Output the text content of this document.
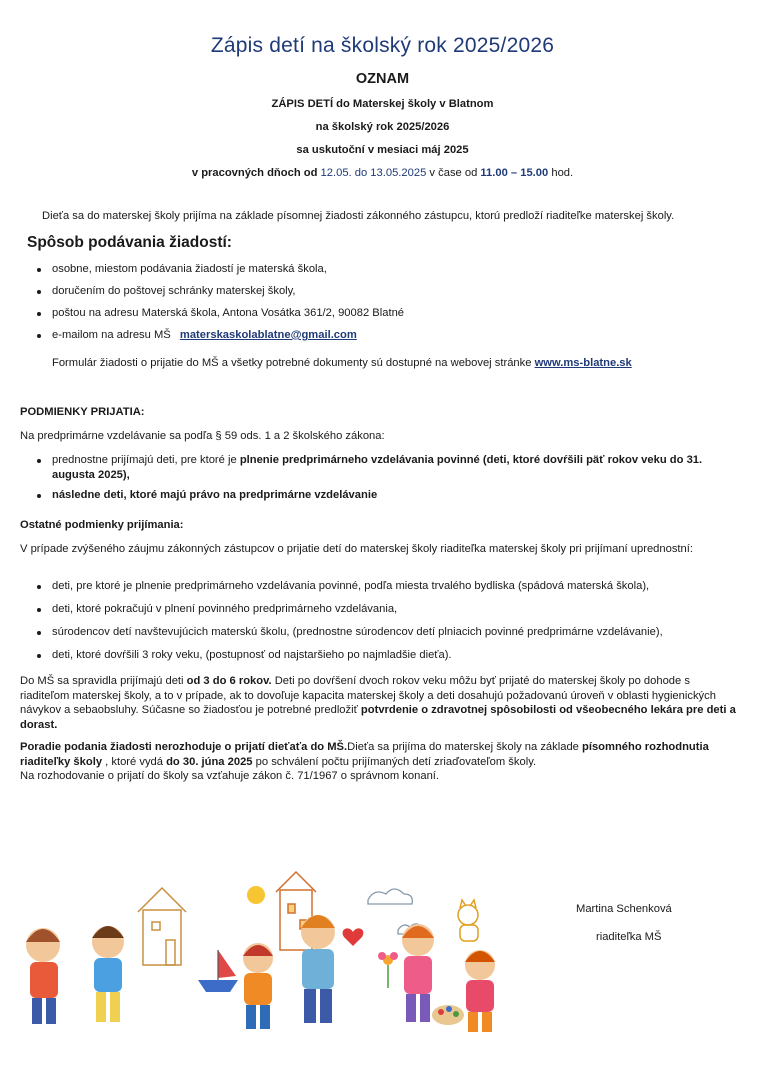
Zápis detí na školský rok 2025/2026
OZNAM
ZÁPIS DETÍ do Materskej školy v Blatnom
na školský rok 2025/2026
sa uskutoční v mesiaci máj 2025
v pracovných dňoch od 12.05. do 13.05.2025 v čase od 11.00 – 15.00 hod.
Dieťa sa do materskej školy prijíma na základe písomnej žiadosti zákonného zástupcu, ktorú predloží riaditeľke materskej školy.
Spôsob podávania žiadostí:
osobne, miestom podávania žiadostí je materská škola,
doručením do poštovej schránky materskej školy,
poštou na adresu Materská škola, Antona Vosátka 361/2, 90082 Blatné
e-mailom na adresu MŠ materskaskolablatne@gmail.com
Formulár žiadosti o prijatie do MŠ a všetky potrebné dokumenty sú dostupné na webovej stránke www.ms-blatne.sk
PODMIENKY PRIJATIA:
Na predprimárne vzdelávanie sa podľa § 59 ods. 1 a 2 školského zákona:
prednostne prijímajú deti, pre ktoré je plnenie predprimárneho vzdelávania povinné (deti, ktoré dovŕšili päť rokov veku do 31. augusta 2025),
následne deti, ktoré majú právo na predprimárne vzdelávanie
Ostatné podmienky prijímania:
V prípade zvýšeného záujmu zákonných zástupcov o prijatie detí do materskej školy riaditeľka materskej školy pri prijímaní uprednostní:
deti, pre ktoré je plnenie predprimárneho vzdelávania povinné, podľa miesta trvalého bydliska (spádová materská škola),
deti, ktoré pokračujú v plnení povinného predprimárneho vzdelávania,
súrodencov detí navštevujúcich materskú školu, (prednostne súrodencov detí plniacich povinné predprimárne vzdelávanie),
deti, ktoré dovŕšili 3 roky veku, (postupnosť od najstaršieho po najmladšie dieťa).
Do MŠ sa spravidla prijímajú deti od 3 do 6 rokov. Deti po dovŕšení dvoch rokov veku môžu byť prijaté do materskej školy po dohode s riaditeľom materskej školy, a to v prípade, ak to dovoľuje kapacita materskej školy a deti dosahujú požadovanú úroveň v oblasti hygienických návykov a sebaobsluhy. Súčasne so žiadosťou je potrebné predložiť potvrdenie o zdravotnej spôsobilosti od všeobecného lekára pre deti a dorast.
Poradie podania žiadosti nerozhoduje o prijatí dieťaťa do MŠ.Dieťa sa prijíma do materskej školy na základe písomného rozhodnutia riaditeľky školy , ktoré vydá do 30. júna 2025 po schválení počtu prijímaných detí zriaďovateľom školy.
Na rozhodovanie o prijatí do školy sa vzťahuje zákon č. 71/1967 o správnom konaní.
Martina Schenková
riaditeľka MŠ
